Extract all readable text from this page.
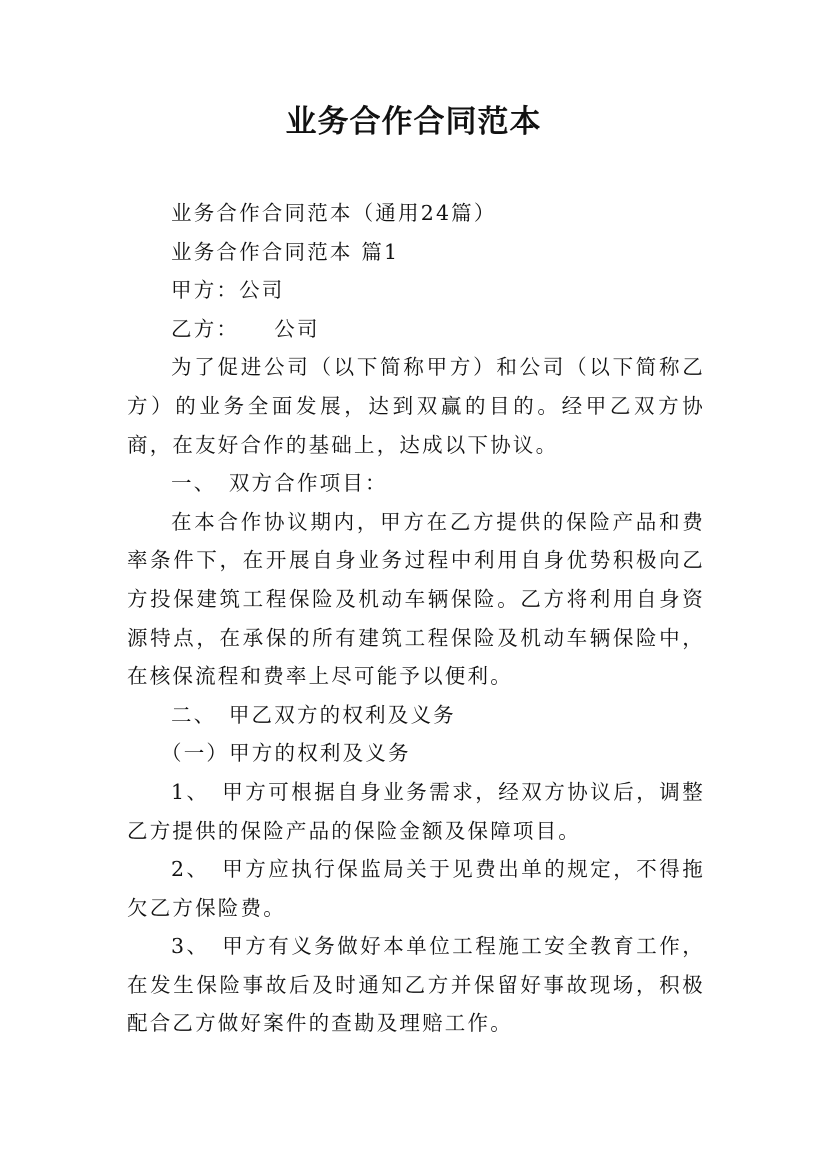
业务合作合同范本

业务合作合同范本（通用24篇）

业务合作合同范本 篇1

甲方：公司

乙方：　　公司

为了促进公司（以下简称甲方）和公司（以下简称乙方）的业务全面发展，达到双赢的目的。经甲乙双方协商，在友好合作的基础上，达成以下协议。

一、　双方合作项目：

在本合作协议期内，甲方在乙方提供的保险产品和费率条件下，在开展自身业务过程中利用自身优势积极向乙方投保建筑工程保险及机动车辆保险。乙方将利用自身资源特点，在承保的所有建筑工程保险及机动车辆保险中，在核保流程和费率上尽可能予以便利。

二、　甲乙双方的权利及义务

（一）甲方的权利及义务

1、　甲方可根据自身业务需求，经双方协议后，调整乙方提供的保险产品的保险金额及保障项目。

2、　甲方应执行保监局关于见费出单的规定，不得拖欠乙方保险费。

3、　甲方有义务做好本单位工程施工安全教育工作，在发生保险事故后及时通知乙方并保留好事故现场，积极配合乙方做好案件的查勘及理赔工作。
